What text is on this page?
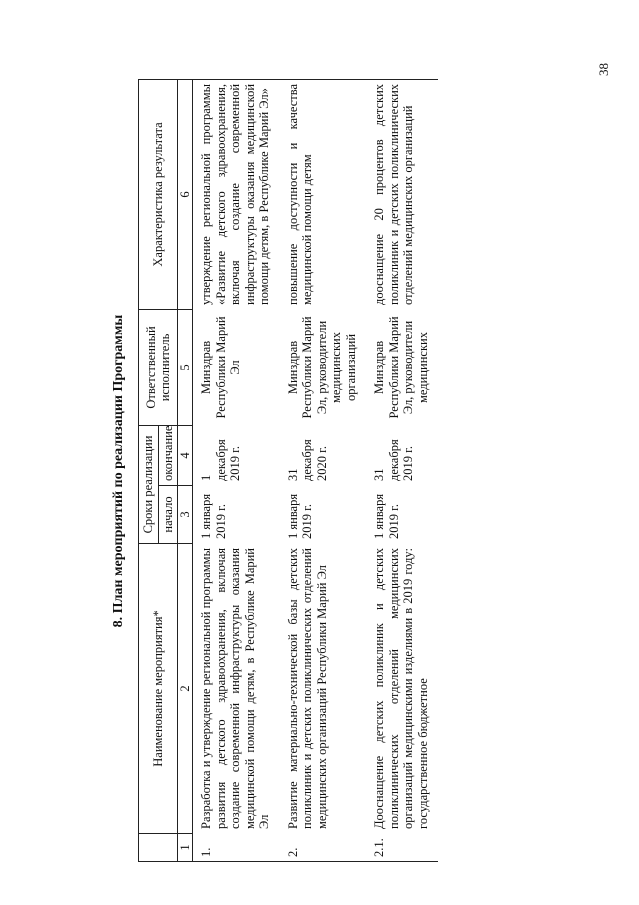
38
8. План мероприятий по реализации Программы
	Наименование мероприятия*	Сроки реализации		Ответственный исполнитель	Характеристика результата
		начало	окончание		
1	2	3	4	5	6
1.	Разработка и утверждение региональной программы развития детского здравоохранения, включая создание современной инфраструктуры оказания медицинской помощи детям, в Республике Марий Эл	1 января 2019 г.	1 декабря 2019 г.	Минздрав Республики Марий Эл	утверждение региональной программы «Развитие детского здравоохранения, включая создание современной инфраструктуры оказания медицинской помощи детям, в Республике Марий Эл»
2.	Развитие материально-технической базы детских поликлиник и детских поликлинических отделений медицинских организаций Республики Марий Эл	1 января 2019 г.	31 декабря 2020 г.	Минздрав Республики Марий Эл, руководители медицинских организаций	повышение доступности и качества медицинской помощи детям
2.1.	Дооснащение детских поликлиник и детских поликлинических отделений медицинских организаций медицинскими изделиями в 2019 году: государственное бюджетное	1 января 2019 г.	31 декабря 2019 г.	Минздрав Республики Марий Эл, руководители медицинских	дооснащение 20 процентов детских поликлиник и детских поликлинических отделений медицинских организаций
